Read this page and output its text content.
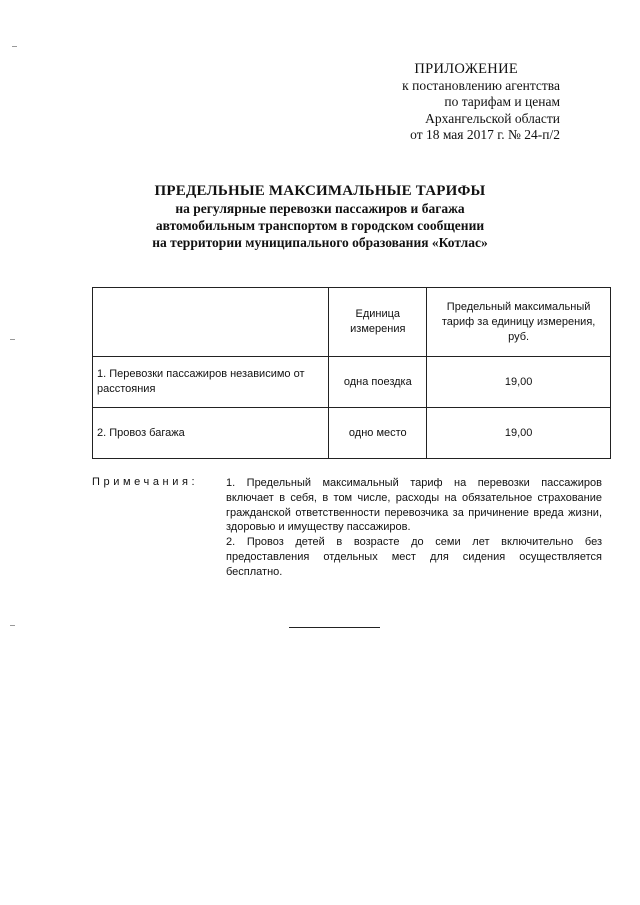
ПРИЛОЖЕНИЕ
к постановлению агентства
по тарифам и ценам
Архангельской области
от 18 мая 2017 г. № 24-п/2
ПРЕДЕЛЬНЫЕ МАКСИМАЛЬНЫЕ ТАРИФЫ
на регулярные перевозки пассажиров и багажа
автомобильным транспортом в городском сообщении
на территории муниципального образования «Котлас»
	Единица измерения	Предельный максимальный тариф за единицу измерения, руб.
1. Перевозки пассажиров независимо от расстояния	одна поездка	19,00
2. Провоз багажа	одно место	19,00
Примечания:	1. Предельный максимальный тариф на перевозки пассажиров включает в себя, в том числе, расходы на обязательное страхование гражданской ответственности перевозчика за причинение вреда жизни, здоровью и имуществу пассажиров.

2. Провоз детей в возрасте до семи лет включительно без предоставления отдельных мест для сидения осуществляется бесплатно.
